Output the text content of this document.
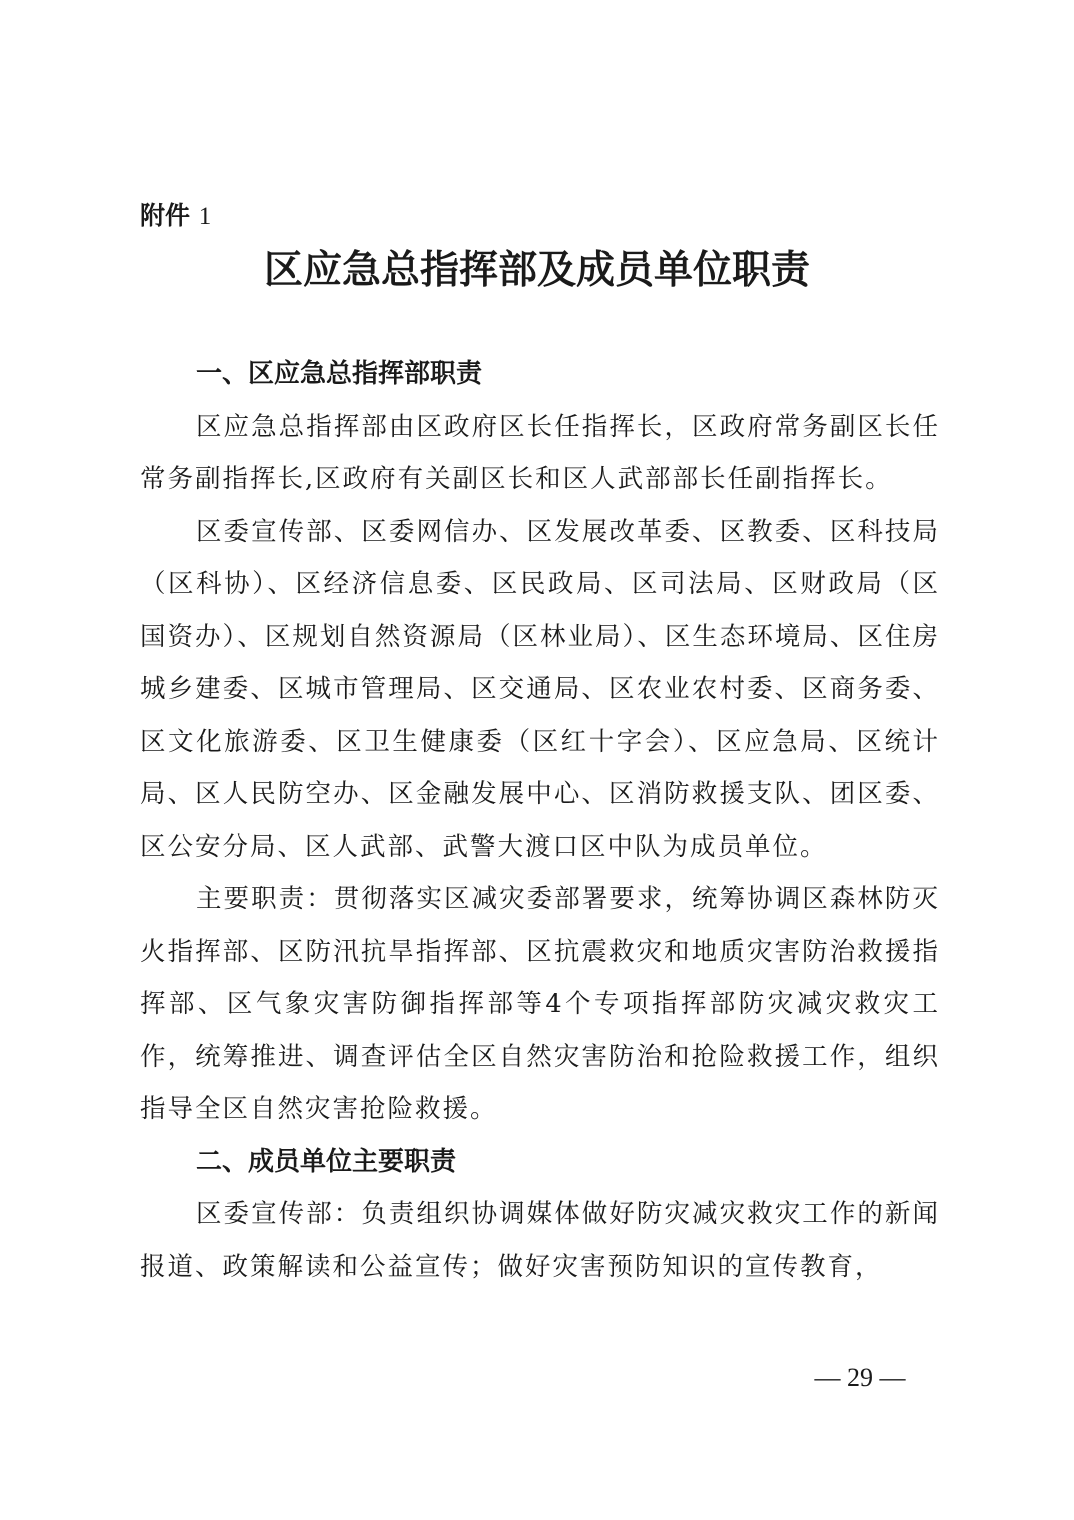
附件 1
区应急总指挥部及成员单位职责
一、区应急总指挥部职责

区应急总指挥部由区政府区长任指挥长，区政府常务副区长任常务副指挥长,区政府有关副区长和区人武部部长任副指挥长。

区委宣传部、区委网信办、区发展改革委、区教委、区科技局（区科协）、区经济信息委、区民政局、区司法局、区财政局（区国资办）、区规划自然资源局（区林业局）、区生态环境局、区住房城乡建委、区城市管理局、区交通局、区农业农村委、区商务委、区文化旅游委、区卫生健康委（区红十字会）、区应急局、区统计局、区人民防空办、区金融发展中心、区消防救援支队、团区委、区公安分局、区人武部、武警大渡口区中队为成员单位。

主要职责：贯彻落实区减灾委部署要求，统筹协调区森林防灭火指挥部、区防汛抗旱指挥部、区抗震救灾和地质灾害防治救援指挥部、区气象灾害防御指挥部等4个专项指挥部防灾减灾救灾工作，统筹推进、调查评估全区自然灾害防治和抢险救援工作，组织指导全区自然灾害抢险救援。

二、成员单位主要职责

区委宣传部：负责组织协调媒体做好防灾减灾救灾工作的新闻报道、政策解读和公益宣传；做好灾害预防知识的宣传教育，

— 29 —
